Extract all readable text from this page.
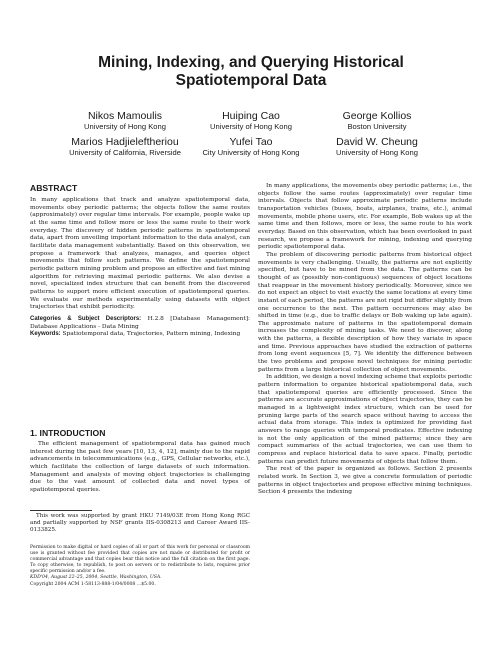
Mining, Indexing, and Querying Historical
Spatiotemporal Data
Nikos Mamoulis
University of Hong Kong
Huiping Cao
University of Hong Kong
George Kollios
Boston University
Marios Hadjieleftheriou
University of California, Riverside
Yufei Tao
City University of Hong Kong
David W. Cheung
University of Hong Kong
ABSTRACT

In many applications that track and analyze spatiotemporal data, movements obey periodic patterns; the objects follow the same routes (approximately) over regular time intervals. For example, people wake up at the same time and follow more or less the same route to their work everyday. The discovery of hidden periodic patterns in spatiotemporal data, apart from unveiling important information to the data analyst, can facilitate data management substantially. Based on this observation, we propose a framework that analyzes, manages, and queries object movements that follow such patterns. We define the spatiotemporal periodic pattern mining problem and propose an effective and fast mining algorithm for retrieving maximal periodic patterns. We also devise a novel, specialized index structure that can benefit from the discovered patterns to support more efficient execution of spatiotemporal queries. We evaluate our methods experimentally using datasets with object trajectories that exhibit periodicity.

Categories & Subject Descriptors: H.2.8 [Database Management]: Database Applications - Data Mining

Keywords: Spatiotemporal data, Trajectories, Pattern mining, Indexing

1. INTRODUCTION

The efficient management of spatiotemporal data has gained much interest during the past few years [10, 13, 4, 12], mainly due to the rapid advancements in telecommunications (e.g., GPS, Cellular networks, etc.), which facilitate the collection of large datasets of such information. Management and analysis of moving object trajectories is challenging due to the vast amount of collected data and novel types of spatiotemporal queries.

This work was supported by grant HKU 7149/03E from Hong Kong RGC and partially supported by NSF grants IIS-0308213 and Career Award IIS-0133825.

Permission to make digital or hard copies of all or part of this work for personal or classroom use is granted without fee provided that copies are not made or distributed for profit or commercial advantage and that copies bear this notice and the full citation on the first page. To copy otherwise, to republish, to post on servers or to redistribute to lists, requires prior specific permission and/or a fee.

KDD'04, August 22–25, 2004, Seattle, Washington, USA.

Copyright 2004 ACM 1-58113-888-1/04/0008 ...$5.00.

In many applications, the movements obey periodic patterns; i.e., the objects follow the same routes (approximately) over regular time intervals. Objects that follow approximate periodic patterns include transportation vehicles (buses, boats, airplanes, trains, etc.), animal movements, mobile phone users, etc. For example, Bob wakes up at the same time and then follows, more or less, the same route to his work everyday. Based on this observation, which has been overlooked in past research, we propose a framework for mining, indexing and querying periodic spatiotemporal data.

The problem of discovering periodic patterns from historical object movements is very challenging. Usually, the patterns are not explicitly specified, but have to be mined from the data. The patterns can be thought of as (possibly non-contiguous) sequences of object locations that reappear in the movement history periodically. Moreover, since we do not expect an object to visit exactly the same locations at every time instant of each period, the patterns are not rigid but differ slightly from one occurrence to the next. The pattern occurrences may also be shifted in time (e.g., due to traffic delays or Bob waking up late again). The approximate nature of patterns in the spatiotemporal domain increases the complexity of mining tasks. We need to discover, along with the patterns, a flexible description of how they variate in space and time. Previous approaches have studied the extraction of patterns from long event sequences [5, 7]. We identify the difference between the two problems and propose novel techniques for mining periodic patterns from a large historical collection of object movements.

In addition, we design a novel indexing scheme that exploits periodic pattern information to organize historical spatiotemporal data, such that spatiotemporal queries are efficiently processed. Since the patterns are accurate approximations of object trajectories, they can be managed in a lightweight index structure, which can be used for pruning large parts of the search space without having to access the actual data from storage. This index is optimized for providing fast answers to range queries with temporal predicates. Effective indexing is not the only application of the mined patterns; since they are compact summaries of the actual trajectories, we can use them to compress and replace historical data to save space. Finally, periodic patterns can predict future movements of objects that follow them.

The rest of the paper is organized as follows. Section 2 presents related work. In Section 3, we give a concrete formulation of periodic patterns in object trajectories and propose effective mining techniques. Section 4 presents the indexing
